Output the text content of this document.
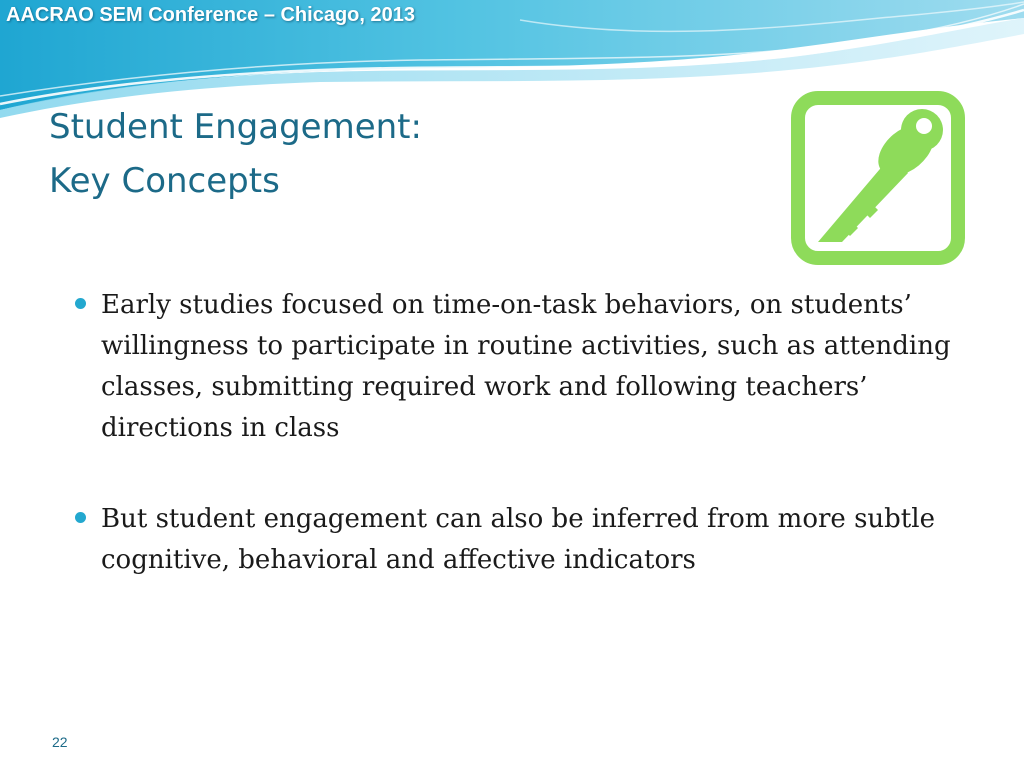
AACRAO SEM Conference – Chicago, 2013
Student Engagement:
Key Concepts
Early studies focused on time-on-task behaviors, on students’ willingness to participate in routine activities, such as attending classes, submitting required work and following teachers’ directions in class
But student engagement can also be inferred from more subtle cognitive, behavioral and affective indicators
22
